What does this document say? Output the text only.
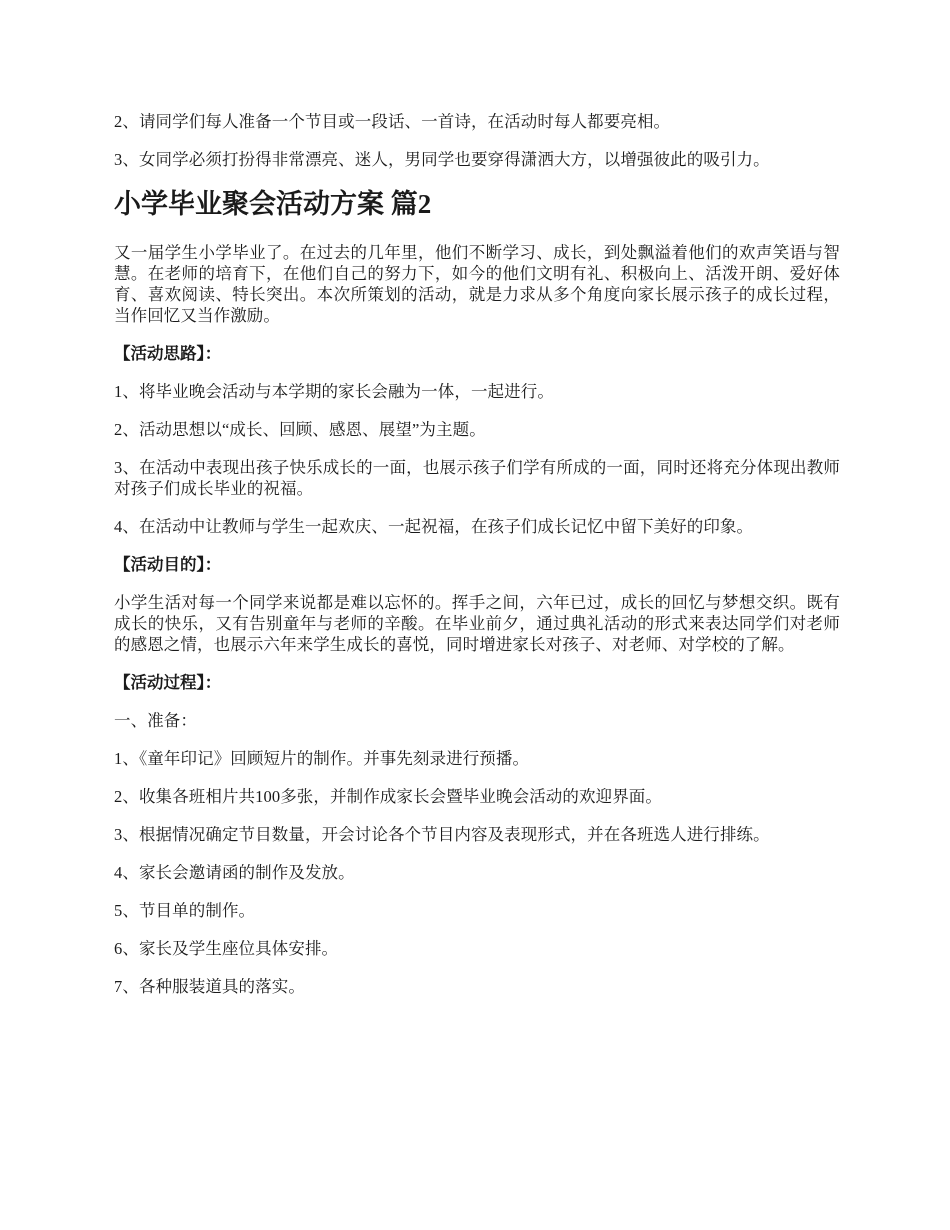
2、请同学们每人准备一个节目或一段话、一首诗，在活动时每人都要亮相。

3、女同学必须打扮得非常漂亮、迷人，男同学也要穿得潇洒大方，以增强彼此的吸引力。

小学毕业聚会活动方案 篇2

又一届学生小学毕业了。在过去的几年里，他们不断学习、成长，到处飘溢着他们的欢声笑语与智慧。在老师的培育下，在他们自己的努力下，如今的他们文明有礼、积极向上、活泼开朗、爱好体育、喜欢阅读、特长突出。本次所策划的活动，就是力求从多个角度向家长展示孩子的成长过程，当作回忆又当作激励。

【活动思路】：

1、将毕业晚会活动与本学期的家长会融为一体，一起进行。

2、活动思想以“成长、回顾、感恩、展望”为主题。

3、在活动中表现出孩子快乐成长的一面，也展示孩子们学有所成的一面，同时还将充分体现出教师对孩子们成长毕业的祝福。

4、在活动中让教师与学生一起欢庆、一起祝福，在孩子们成长记忆中留下美好的印象。

【活动目的】：

小学生活对每一个同学来说都是难以忘怀的。挥手之间，六年已过，成长的回忆与梦想交织。既有成长的快乐，又有告别童年与老师的辛酸。在毕业前夕，通过典礼活动的形式来表达同学们对老师的感恩之情，也展示六年来学生成长的喜悦，同时增进家长对孩子、对老师、对学校的了解。

【活动过程】：

一、准备：

1、《童年印记》回顾短片的制作。并事先刻录进行预播。

2、收集各班相片共100多张，并制作成家长会暨毕业晚会活动的欢迎界面。

3、根据情况确定节目数量，开会讨论各个节目内容及表现形式，并在各班选人进行排练。

4、家长会邀请函的制作及发放。

5、节目单的制作。

6、家长及学生座位具体安排。

7、各种服装道具的落实。
